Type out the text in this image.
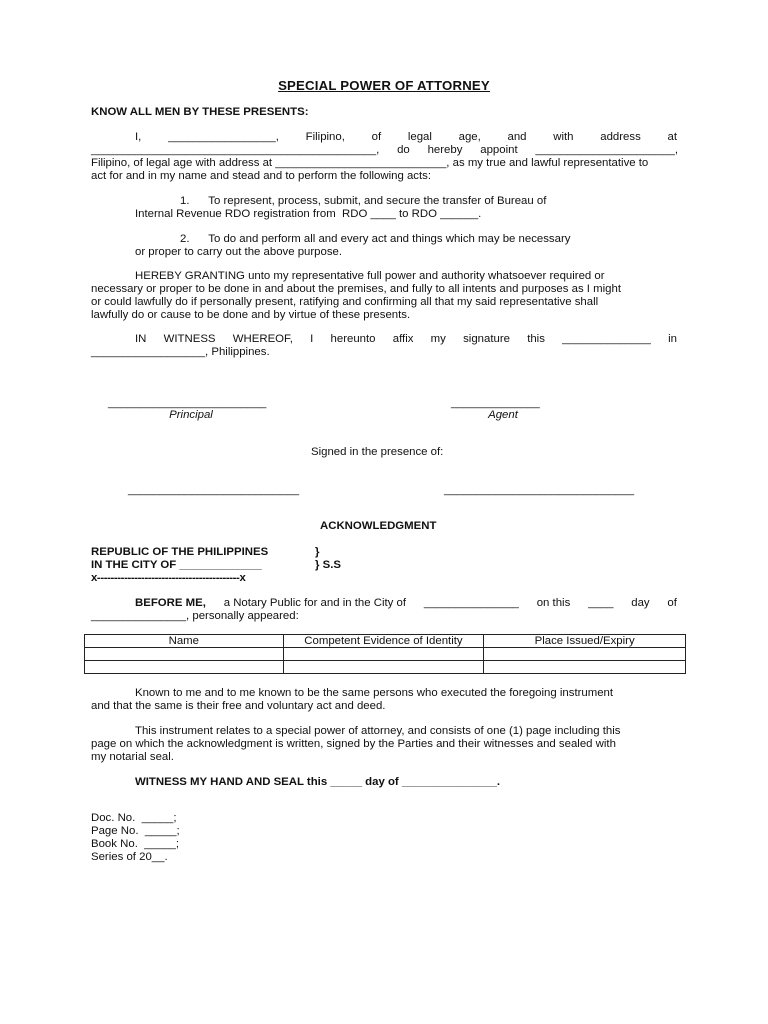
SPECIAL POWER OF ATTORNEY
KNOW ALL MEN BY THESE PRESENTS:
I, _________________, Filipino, of legal age, and with address at
_____________________________________________, do hereby appoint ______________________,
Filipino, of legal age with address at ___________________________, as my true and lawful representative to
act for and in my name and stead and to perform the following acts:
1.      To represent, process, submit, and secure the transfer of Bureau of
Internal Revenue RDO registration from  RDO ____ to RDO ______.
2.      To do and perform all and every act and things which may be necessary
or proper to carry out the above purpose.
HEREBY GRANTING unto my representative full power and authority whatsoever required or
necessary or proper to be done in and about the premises, and fully to all intents and purposes as I might
or could lawfully do if personally present, ratifying and confirming all that my said representative shall
lawfully do or cause to be done and by virtue of these presents.
IN WITNESS WHEREOF, I hereunto affix my signature this ______________ in
__________________, Philippines.
_________________________
Principal
______________
Agent
Signed in the presence of:
___________________________	______________________________
ACKNOWLEDGMENT
REPUBLIC OF THE PHILIPPINES	}
IN THE CITY OF _____________	} S.S
x------------------------------------------x
BEFORE ME, a Notary Public for and in the City of _______________ on this ____ day of
_______________, personally appeared:
Name	Competent Evidence of Identity	Place Issued/Expiry

Known to me and to me known to be the same persons who executed the foregoing instrument
and that the same is their free and voluntary act and deed.
This instrument relates to a special power of attorney, and consists of one (1) page including this
page on which the acknowledgment is written, signed by the Parties and their witnesses and sealed with
my notarial seal.
WITNESS MY HAND AND SEAL this _____ day of _______________.
Doc. No.  _____;
Page No.  _____;
Book No.  _____;
Series of 20__.
